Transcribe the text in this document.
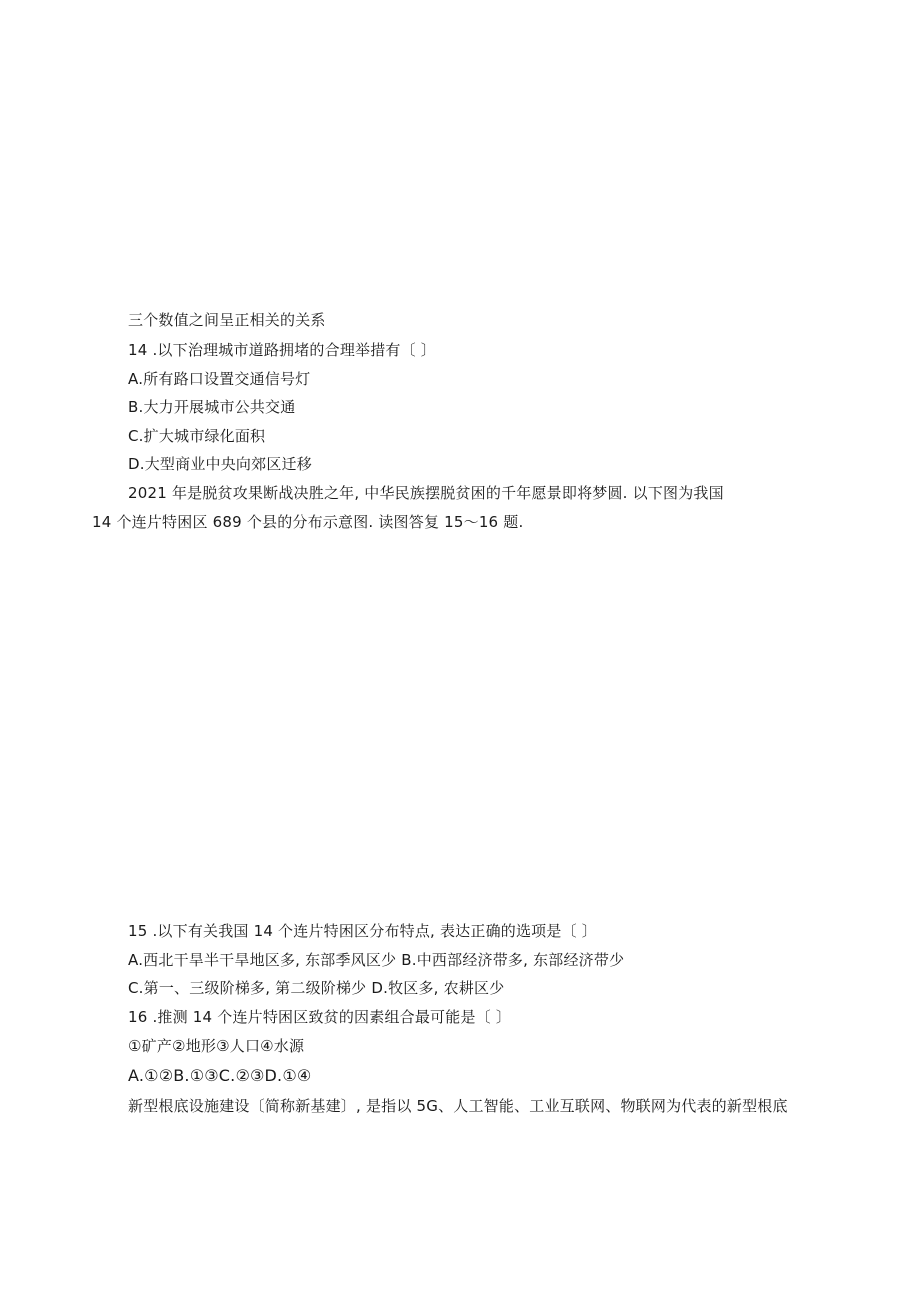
三个数值之间呈正相关的关系
14 .以下治理城市道路拥堵的合理举措有〔 〕
A.所有路口设置交通信号灯
B.大力开展城市公共交通
C.扩大城市绿化面积
D.大型商业中央向郊区迁移
2021 年是脱贫攻果断战决胜之年, 中华民族摆脱贫困的千年愿景即将梦圆. 以下图为我国
14 个连片特困区 689 个县的分布示意图. 读图答复 15～16 题.
15 .以下有关我国 14 个连片特困区分布特点, 表达正确的选项是〔 〕
A.西北干旱半干旱地区多, 东部季风区少 B.中西部经济带多, 东部经济带少
C.第一、三级阶梯多, 第二级阶梯少 D.牧区多, 农耕区少
16 .推测 14 个连片特困区致贫的因素组合最可能是〔 〕
①矿产②地形③人口④水源
A.①②B.①③C.②③D.①④
新型根底设施建设〔简称新基建〕, 是指以 5G、人工智能、工业互联网、物联网为代表的新型根底
